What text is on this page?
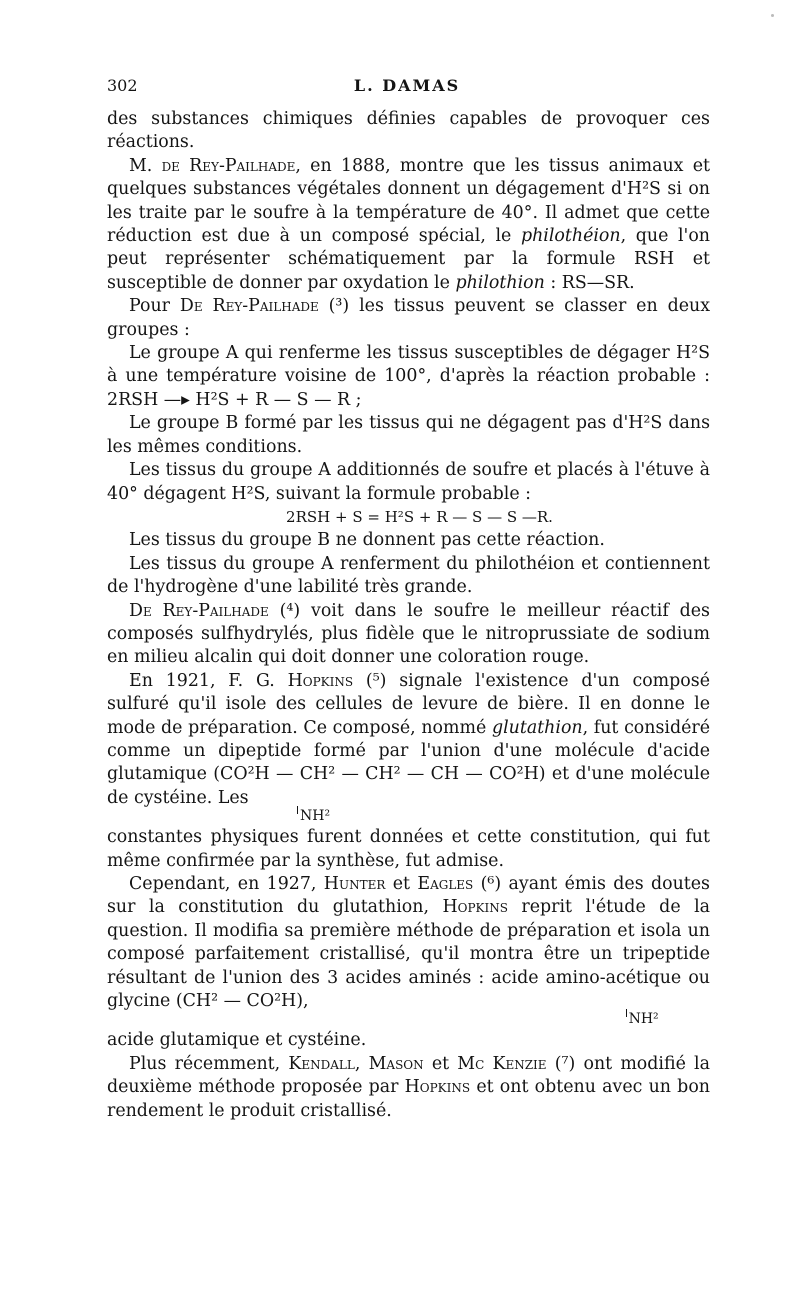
302	L. DAMAS

des substances chimiques définies capables de provoquer ces réactions.

M. de Rey-Pailhade, en 1888, montre que les tissus animaux et quelques substances végétales donnent un dégagement d'H²S si on les traite par le soufre à la température de 40°. Il admet que cette réduction est due à un composé spécial, le philothéion, que l'on peut représenter schématiquement par la formule RSH et susceptible de donner par oxydation le philothion : RS—SR.

Pour De Rey-Pailhade (³) les tissus peuvent se classer en deux groupes :

Le groupe A qui renferme les tissus susceptibles de dégager H²S à une température voisine de 100°, d'après la réaction probable : 2RSH —▸ H²S + R — S — R ;

Le groupe B formé par les tissus qui ne dégagent pas d'H²S dans les mêmes conditions.

Les tissus du groupe A additionnés de soufre et placés à l'étuve à 40° dégagent H²S, suivant la formule probable :

2RSH + S = H²S + R — S — S —R.

Les tissus du groupe B ne donnent pas cette réaction.

Les tissus du groupe A renferment du philothéion et contiennent de l'hydrogène d'une labilité très grande.

De Rey-Pailhade (⁴) voit dans le soufre le meilleur réactif des composés sulfhydrylés, plus fidèle que le nitroprussiate de sodium en milieu alcalin qui doit donner une coloration rouge.

En 1921, F. G. Hopkins (⁵) signale l'existence d'un composé sulfuré qu'il isole des cellules de levure de bière. Il en donne le mode de préparation. Ce composé, nommé glutathion, fut considéré comme un dipeptide formé par l'union d'une molécule d'acide glutamique (CO²H — CH² — CH² — CH — CO²H) et d'une molécule de cystéine. Les

NH²

constantes physiques furent données et cette constitution, qui fut même confirmée par la synthèse, fut admise.

Cependant, en 1927, Hunter et Eagles (⁶) ayant émis des doutes sur la constitution du glutathion, Hopkins reprit l'étude de la question. Il modifia sa première méthode de préparation et isola un composé parfaitement cristallisé, qu'il montra être un tripeptide résultant de l'union des 3 acides aminés : acide amino-acétique ou glycine (CH² — CO²H),

NH²

acide glutamique et cystéine.

Plus récemment, Kendall, Mason et Mc Kenzie (⁷) ont modifié la deuxième méthode proposée par Hopkins et ont obtenu avec un bon rendement le produit cristallisé.
